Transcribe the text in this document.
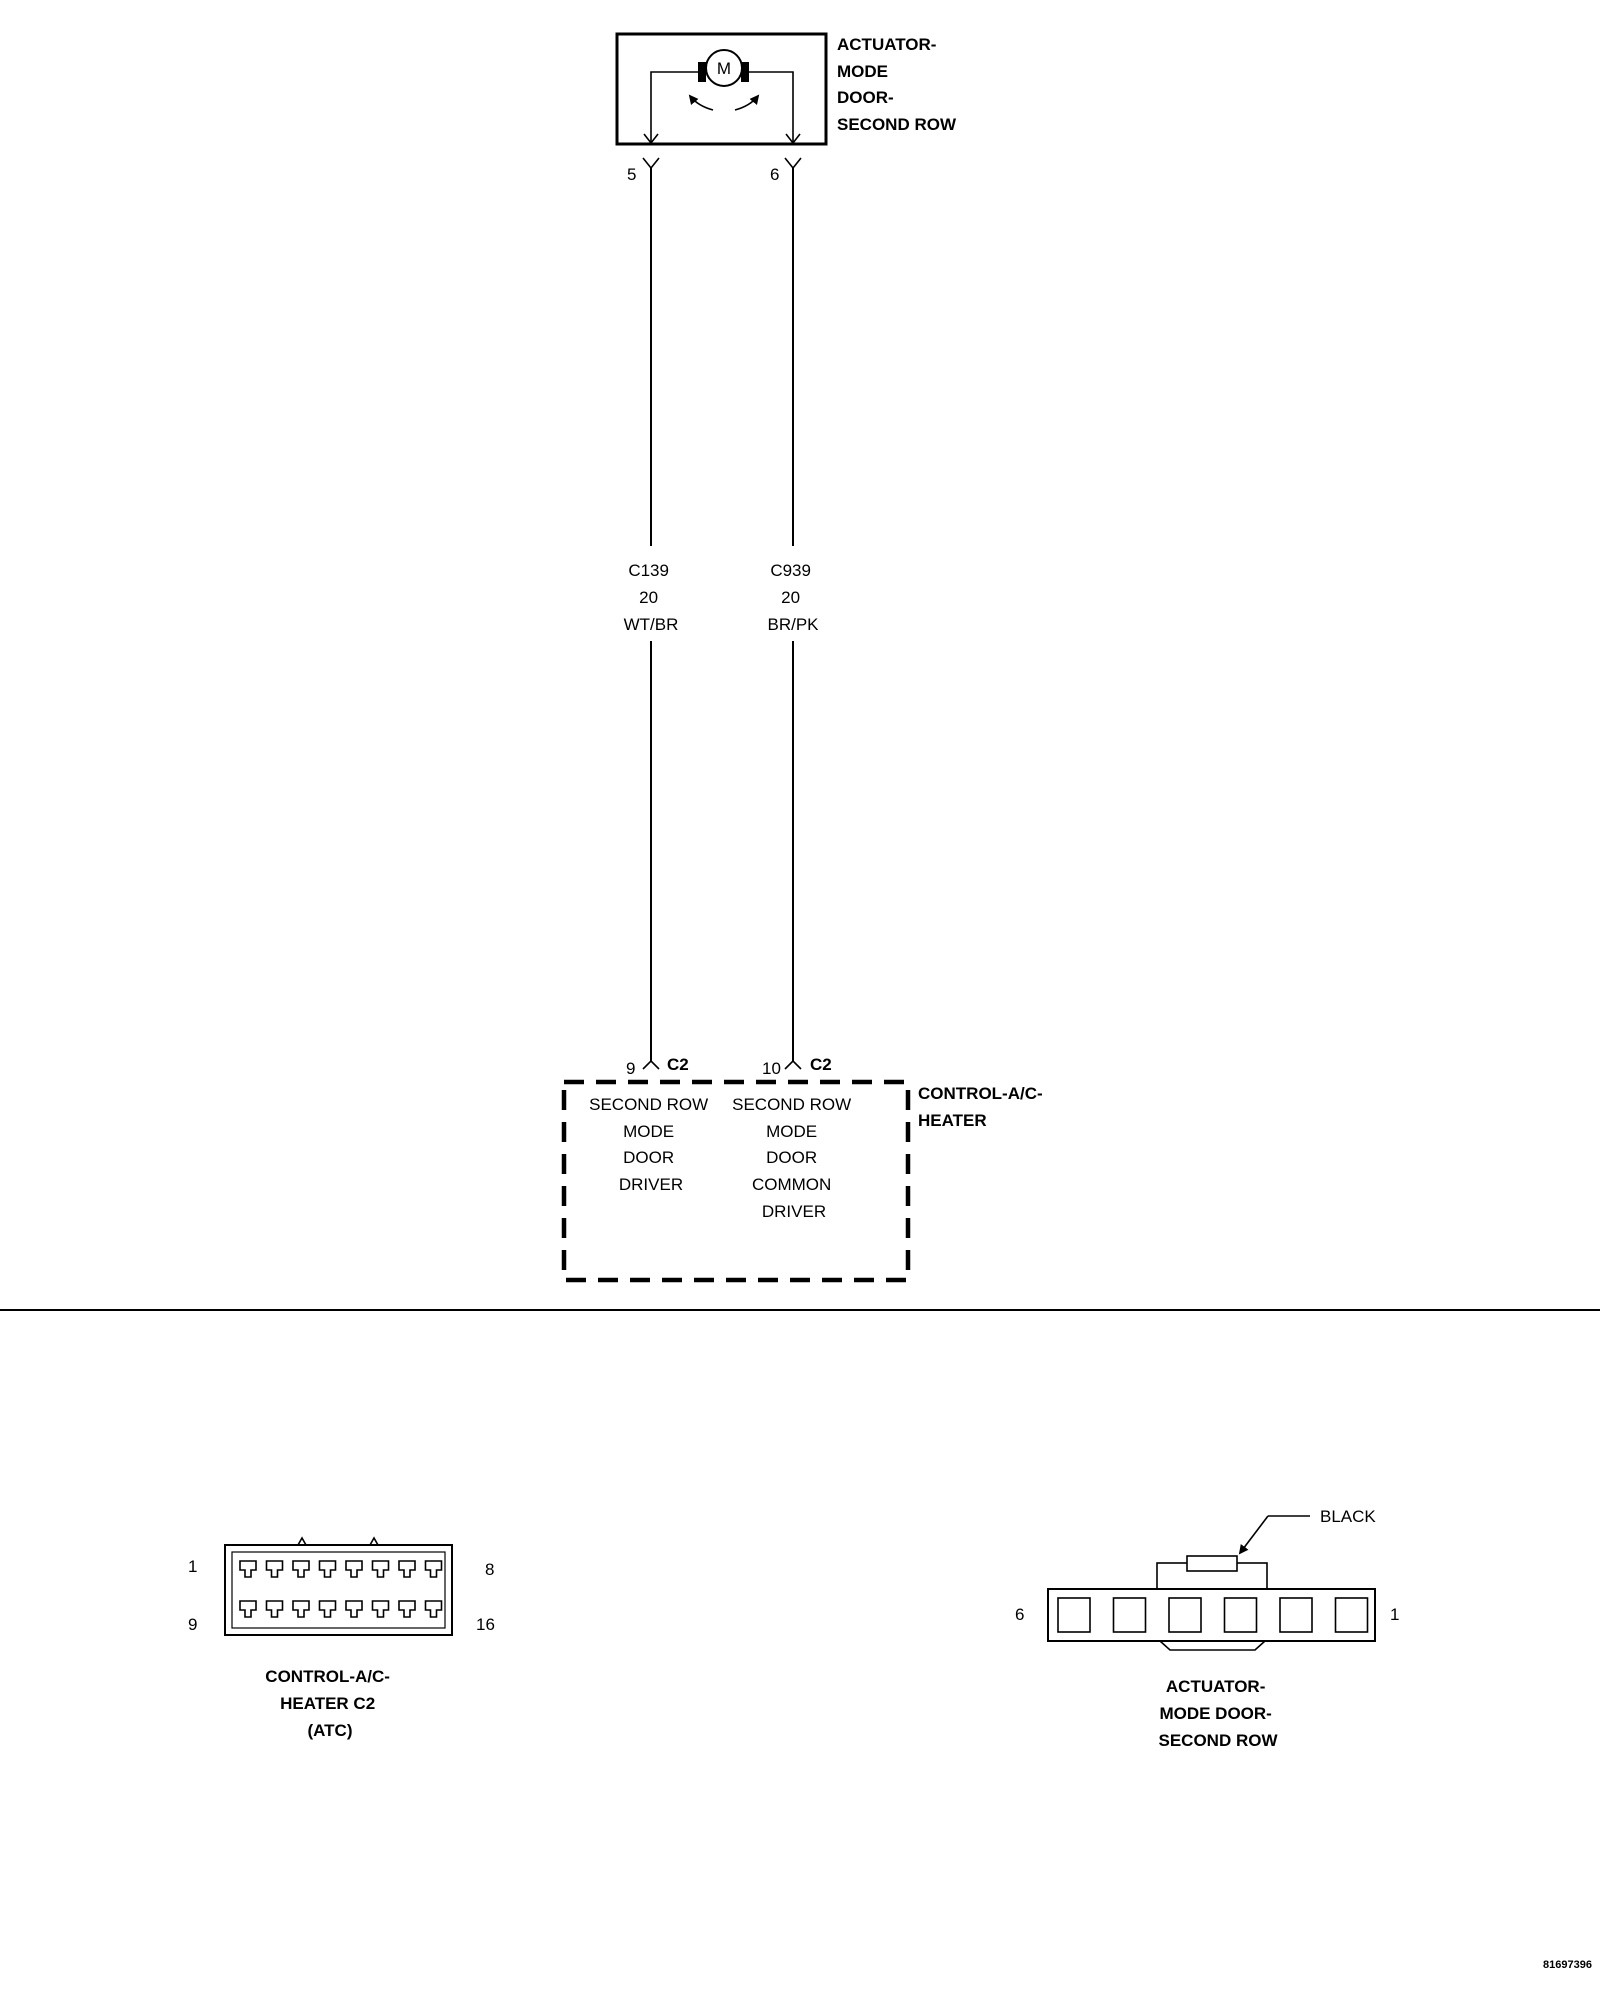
M
ACTUATOR- MODE DOOR- SECOND ROW
5	6
C139 20 WT/BR
C939 20 BR/PK
9 C2	10 C2
SECOND ROW MODE DOOR DRIVER
SECOND ROW MODE DOOR COMMON DRIVER
CONTROL-A/C- HEATER
1	8
9	16
CONTROL-A/C- HEATER C2 (ATC)
BLACK
6	1
ACTUATOR- MODE DOOR- SECOND ROW
81697396
